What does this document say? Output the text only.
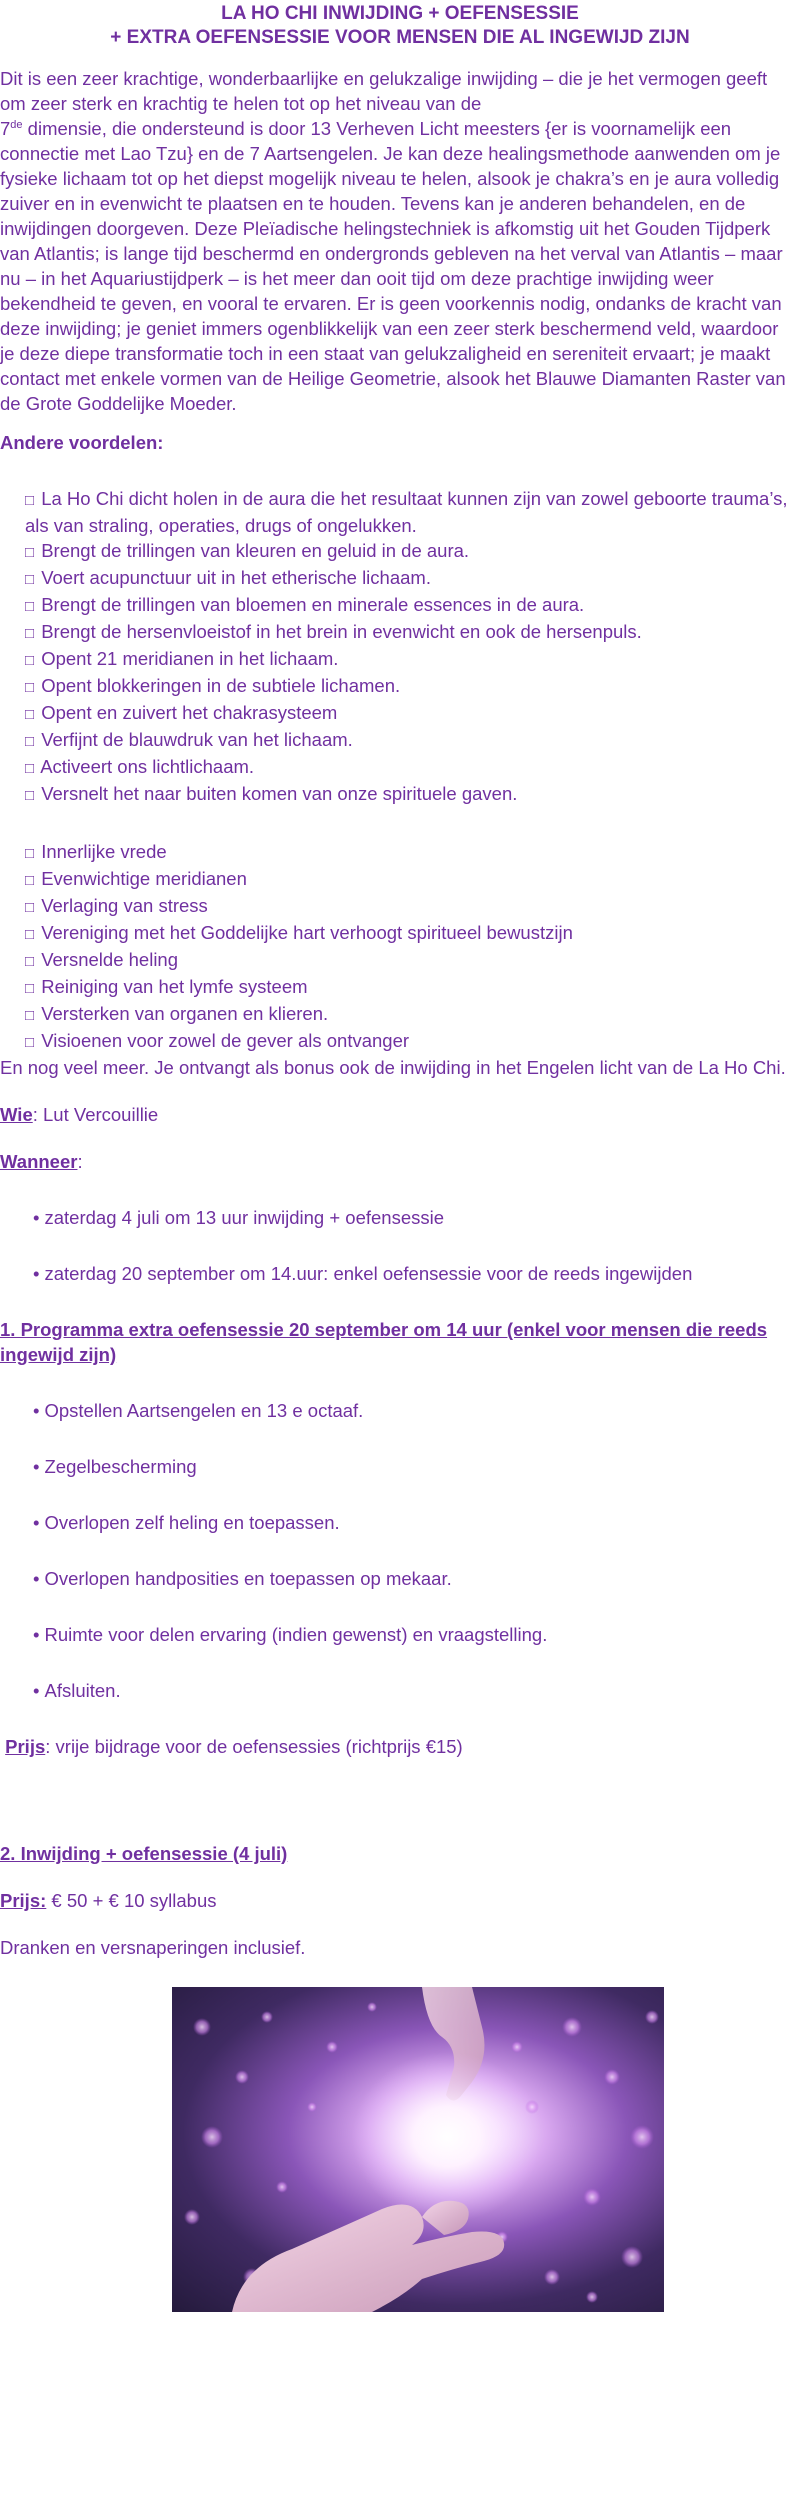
LA HO CHI INWIJDING + OEFENSESSIE
+ EXTRA OEFENSESSIE VOOR MENSEN DIE AL INGEWIJD ZIJN

Dit is een zeer krachtige, wonderbaarlijke en gelukzalige inwijding – die je het vermogen geeft om zeer sterk en krachtig te helen tot op het niveau van de
7de dimensie, die ondersteund is door 13 Verheven Licht meesters {er is voornamelijk een connectie met Lao Tzu} en de 7 Aartsengelen. Je kan deze healingsmethode aanwenden om je fysieke lichaam tot op het diepst mogelijk niveau te helen, alsook je chakra’s en je aura volledig zuiver en in evenwicht te plaatsen en te houden. Tevens kan je anderen behandelen, en de inwijdingen doorgeven. Deze Pleïadische helingstechniek is afkomstig uit het Gouden Tijdperk van Atlantis; is lange tijd beschermd en ondergronds gebleven na het verval van Atlantis – maar nu – in het Aquariustijdperk – is het meer dan ooit tijd om deze prachtige inwijding weer bekendheid te geven, en vooral te ervaren. Er is geen voorkennis nodig, ondanks de kracht van deze inwijding; je geniet immers ogenblikkelijk van een zeer sterk beschermend veld, waardoor je deze diepe transformatie toch in een staat van gelukzaligheid en sereniteit ervaart; je maakt contact met enkele vormen van de Heilige Geometrie, alsook het Blauwe Diamanten Raster van de Grote Goddelijke Moeder.

Andere voordelen:

□ La Ho Chi dicht holen in de aura die het resultaat kunnen zijn van zowel geboorte trauma’s, als van straling, operaties, drugs of ongelukken.
□ Brengt de trillingen van kleuren en geluid in de aura.
□ Voert acupunctuur uit in het etherische lichaam.
□ Brengt de trillingen van bloemen en minerale essences in de aura.
□ Brengt de hersenvloeistof in het brein in evenwicht en ook de hersenpuls.
□ Opent 21 meridianen in het lichaam.
□ Opent blokkeringen in de subtiele lichamen.
□ Opent en zuivert het chakrasysteem
□ Verfijnt de blauwdruk van het lichaam.
□ Activeert ons lichtlichaam.
□ Versnelt het naar buiten komen van onze spirituele gaven.
□ Innerlijke vrede
□ Evenwichtige meridianen
□ Verlaging van stress
□ Vereniging met het Goddelijke hart verhoogt spiritueel bewustzijn
□ Versnelde heling
□ Reiniging van het lymfe systeem
□ Versterken van organen en klieren.
□ Visioenen voor zowel de gever als ontvanger

En nog veel meer. Je ontvangt als bonus ook de inwijding in het Engelen licht van de La Ho Chi.

Wie: Lut Vercouillie

Wanneer:

• zaterdag 4 juli om 13 uur inwijding + oefensessie
• zaterdag 20 september om 14.uur: enkel oefensessie voor de reeds ingewijden

1. Programma extra oefensessie 20 september om 14 uur (enkel voor mensen die reeds ingewijd zijn)

• Opstellen Aartsengelen en 13 e octaaf.
• Zegelbescherming
• Overlopen zelf heling en toepassen.
• Overlopen handposities en toepassen op mekaar.
• Ruimte voor delen ervaring (indien gewenst) en vraagstelling.
• Afsluiten.

Prijs: vrije bijdrage voor de oefensessies (richtprijs €15)

2. Inwijding + oefensessie (4 juli)

Prijs: € 50 + € 10 syllabus

Dranken en versnaperingen inclusief.
